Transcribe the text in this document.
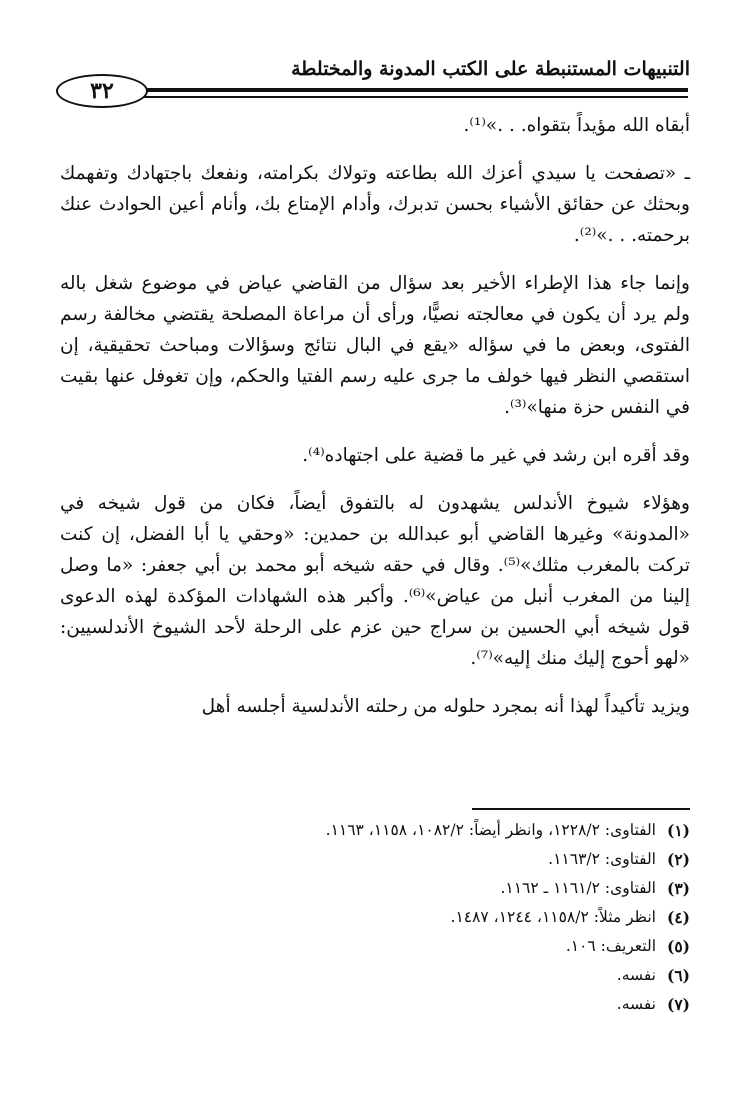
التنبيهات المستنبطة على الكتب المدونة والمختلطة
٣٢

أبقاه الله مؤيداً بتقواه. . .»⁽¹⁾.

ـ «تصفحت يا سيدي أعزك الله بطاعته وتولاك بكرامته، ونفعك باجتهادك وتفهمك وبحثك عن حقائق الأشياء بحسن تدبرك، وأدام الإمتاع بك، وأنام أعين الحوادث عنك برحمته. . .»⁽²⁾.

وإنما جاء هذا الإطراء الأخير بعد سؤال من القاضي عياض في موضوع شغل باله ولم يرد أن يكون في معالجته نصيًّا، ورأى أن مراعاة المصلحة يقتضي مخالفة رسم الفتوى، وبعض ما في سؤاله «يقع في البال نتائج وسؤالات ومباحث تحقيقية، إن استقصي النظر فيها خولف ما جرى عليه رسم الفتيا والحكم، وإن تغوفل عنها بقيت في النفس حزة منها»⁽³⁾.

وقد أقره ابن رشد في غير ما قضية على اجتهاده⁽⁴⁾.

وهؤلاء شيوخ الأندلس يشهدون له بالتفوق أيضاً، فكان من قول شيخه في «المدونة» وغيرها القاضي أبو عبدالله بن حمدين: «وحقي يا أبا الفضل، إن كنت تركت بالمغرب مثلك»⁽⁵⁾. وقال في حقه شيخه أبو محمد بن أبي جعفر: «ما وصل إلينا من المغرب أنبل من عياض»⁽⁶⁾. وأكبر هذه الشهادات المؤكدة لهذه الدعوى قول شيخه أبي الحسين بن سراج حين عزم على الرحلة لأحد الشيوخ الأندلسيين: «لهو أحوج إليك منك إليه»⁽⁷⁾.

ويزيد تأكيداً لهذا أنه بمجرد حلوله من رحلته الأندلسية أجلسه أهل

(١)
الفتاوى: ١٢٢٨/٢، وانظر أيضاً: ١٠٨٢/٢، ١١٥٨، ١١٦٣.
(٢)
الفتاوى: ١١٦٣/٢.
(٣)
الفتاوى: ١١٦١/٢ ـ ١١٦٢.
(٤)
انظر مثلاً: ١١٥٨/٢، ١٢٤٤، ١٤٨٧.
(٥)
التعريف: ١٠٦.
(٦)
نفسه.
(٧)
نفسه.
